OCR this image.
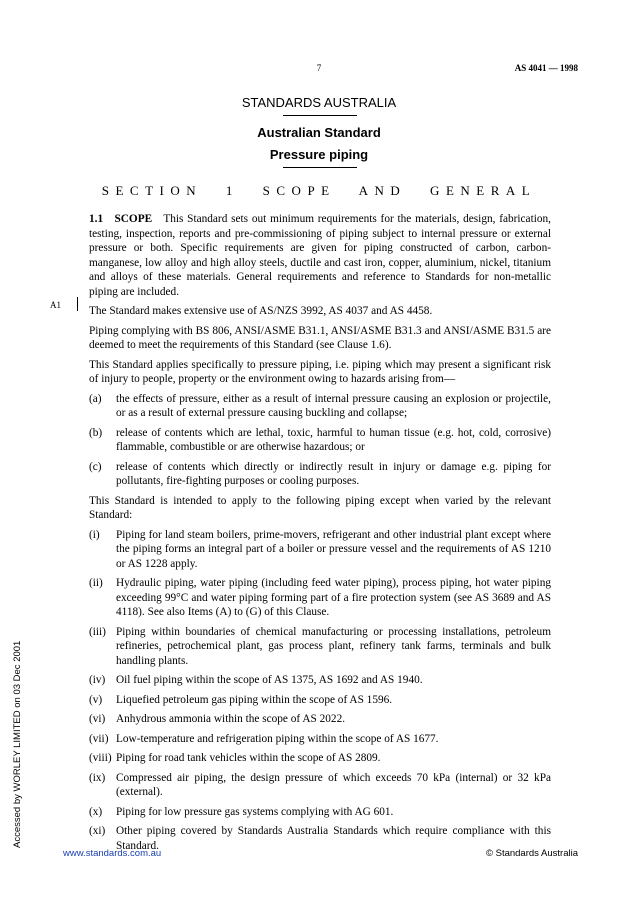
7	AS 4041 — 1998
STANDARDS AUSTRALIA
Australian Standard
Pressure piping
SECTION 1 SCOPE AND GENERAL
A1

1.1 SCOPE This Standard sets out minimum requirements for the materials, design, fabrication, testing, inspection, reports and pre-commissioning of piping subject to internal pressure or external pressure or both. Specific requirements are given for piping constructed of carbon, carbon-manganese, low alloy and high alloy steels, ductile and cast iron, copper, aluminium, nickel, titanium and alloys of these materials. General requirements and reference to Standards for non-metallic piping are included.

The Standard makes extensive use of AS/NZS 3992, AS 4037 and AS 4458.

Piping complying with BS 806, ANSI/ASME B31.1, ANSI/ASME B31.3 and ANSI/ASME B31.5 are deemed to meet the requirements of this Standard (see Clause 1.6).

This Standard applies specifically to pressure piping, i.e. piping which may present a significant risk of injury to people, property or the environment owing to hazards arising from—

(a)	the effects of pressure, either as a result of internal pressure causing an explosion or projectile, or as a result of external pressure causing buckling and collapse;
(b)	release of contents which are lethal, toxic, harmful to human tissue (e.g. hot, cold, corrosive) flammable, combustible or are otherwise hazardous; or
(c)	release of contents which directly or indirectly result in injury or damage e.g. piping for pollutants, fire-fighting purposes or cooling purposes.

This Standard is intended to apply to the following piping except when varied by the relevant Standard:

(i)	Piping for land steam boilers, prime-movers, refrigerant and other industrial plant except where the piping forms an integral part of a boiler or pressure vessel and the requirements of AS 1210 or AS 1228 apply.
(ii)	Hydraulic piping, water piping (including feed water piping), process piping, hot water piping exceeding 99°C and water piping forming part of a fire protection system (see AS 3689 and AS 4118). See also Items (A) to (G) of this Clause.
(iii) Piping within boundaries of chemical manufacturing or processing installations, petroleum refineries, petrochemical plant, gas process plant, refinery tank farms, terminals and bulk handling plants.
(iv) Oil fuel piping within the scope of AS 1375, AS 1692 and AS 1940.
(v)	Liquefied petroleum gas piping within the scope of AS 1596.
(vi) Anhydrous ammonia within the scope of AS 2022.
(vii) Low-temperature and refrigeration piping within the scope of AS 1677.
(viii) Piping for road tank vehicles within the scope of AS 2809.
(ix) Compressed air piping, the design pressure of which exceeds 70 kPa (internal) or 32 kPa (external).
(x)	Piping for low pressure gas systems complying with AG 601.
(xi) Other piping covered by Standards Australia Standards which require compliance with this Standard.
Accessed by WORLEY LIMITED on 03 Dec 2001
www.standards.com.au	© Standards Australia
